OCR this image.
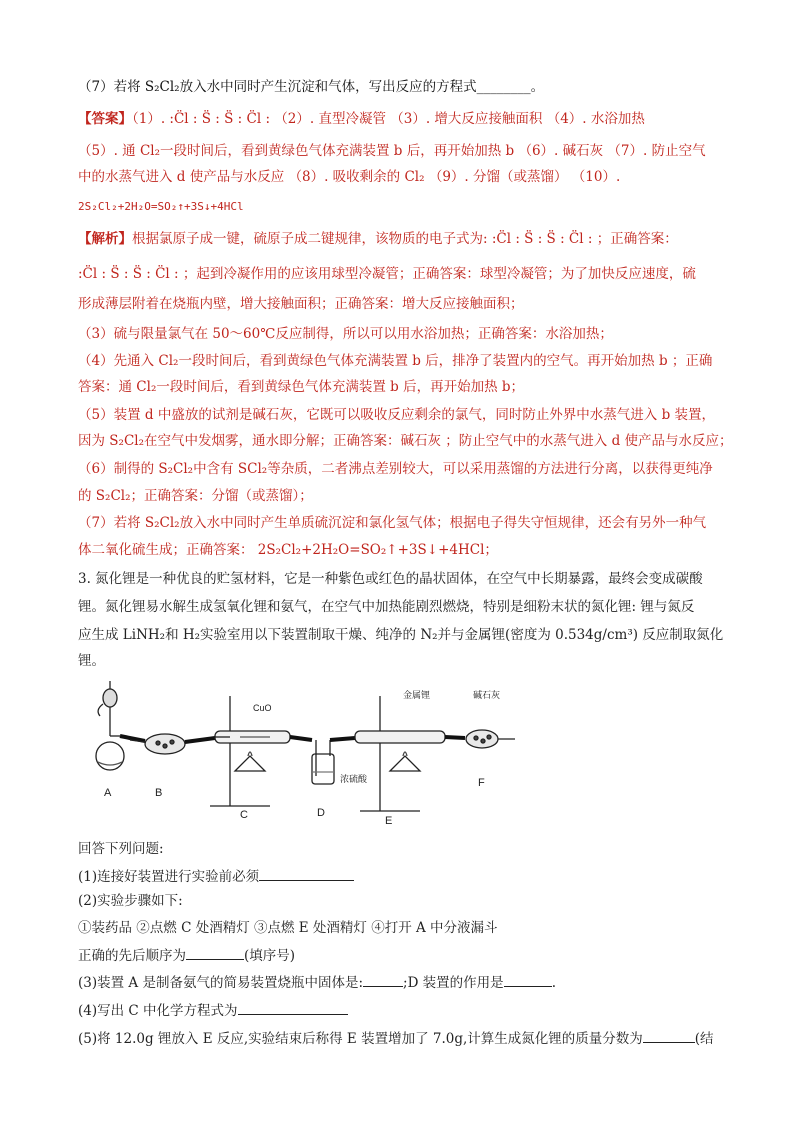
（7）若将 S₂Cl₂放入水中同时产生沉淀和气体，写出反应的方程式________。
【答案】（1）. :C̈l : S̈ : S̈ : C̈l : （2）. 直型冷凝管 （3）. 增大反应接触面积 （4）. 水浴加热
（5）. 通 Cl₂一段时间后，看到黄绿色气体充满装置 b 后，再开始加热 b （6）. 碱石灰 （7）. 防止空气
中的水蒸气进入 d 使产品与水反应 （8）. 吸收剩余的 Cl₂ （9）. 分馏（或蒸馏） （10）.
2S₂Cl₂+2H₂O=SO₂↑+3S↓+4HCl
【解析】根据氯原子成一键，硫原子成二键规律，该物质的电子式为: :C̈l : S̈ : S̈ : C̈l : ；正确答案：
:C̈l : S̈ : S̈ : C̈l : ；起到冷凝作用的应该用球型冷凝管；正确答案：球型冷凝管；为了加快反应速度，硫
形成薄层附着在烧瓶内壁，增大接触面积；正确答案：增大反应接触面积；
（3）硫与限量氯气在 50～60℃反应制得，所以可以用水浴加热；正确答案：水浴加热；
（4）先通入 Cl₂一段时间后，看到黄绿色气体充满装置 b 后，排净了装置内的空气。再开始加热 b ；正确
答案：通 Cl₂一段时间后，看到黄绿色气体充满装置 b 后，再开始加热 b；
（5）装置 d 中盛放的试剂是碱石灰，它既可以吸收反应剩余的氯气，同时防止外界中水蒸气进入 b 装置，
因为 S₂Cl₂在空气中发烟雾，通水即分解；正确答案：碱石灰 ；防止空气中的水蒸气进入 d 使产品与水反应；
（6）制得的 S₂Cl₂中含有 SCl₂等杂质，二者沸点差别较大，可以采用蒸馏的方法进行分离，以获得更纯净
的 S₂Cl₂；正确答案：分馏（或蒸馏）；
（7）若将 S₂Cl₂放入水中同时产生单质硫沉淀和氯化氢气体；根据电子得失守恒规律，还会有另外一种气
体二氧化硫生成；正确答案： 2S₂Cl₂+2H₂O=SO₂↑+3S↓+4HCl；
3. 氮化锂是一种优良的贮氢材料，它是一种紫色或红色的晶状固体，在空气中长期暴露，最终会变成碳酸
锂。氮化锂易水解生成氢氧化锂和氨气，在空气中加热能剧烈燃烧，特别是细粉末状的氮化锂: 锂与氮反
应生成 LiNH₂和 H₂实验室用以下装置制取干燥、纯净的 N₂并与金属锂(密度为 0.534g/cm³) 反应制取氮化
锂。
A	B
C	D
E
F
CuO
金属锂	碱石灰
浓硫酸
回答下列问题:
(1)连接好装置进行实验前必须
(2)实验步骤如下:
①装药品 ②点燃 C 处酒精灯 ③点燃 E 处酒精灯 ④打开 A 中分液漏斗
正确的先后顺序为	(填序号)
(3)装置 A 是制备氨气的简易装置烧瓶中固体是:	;D 装置的作用是	.
(4)写出 C 中化学方程式为
(5)将 12.0g 锂放入 E 反应,实验结束后称得 E 装置增加了 7.0g,计算生成氮化锂的质量分数为	(结
